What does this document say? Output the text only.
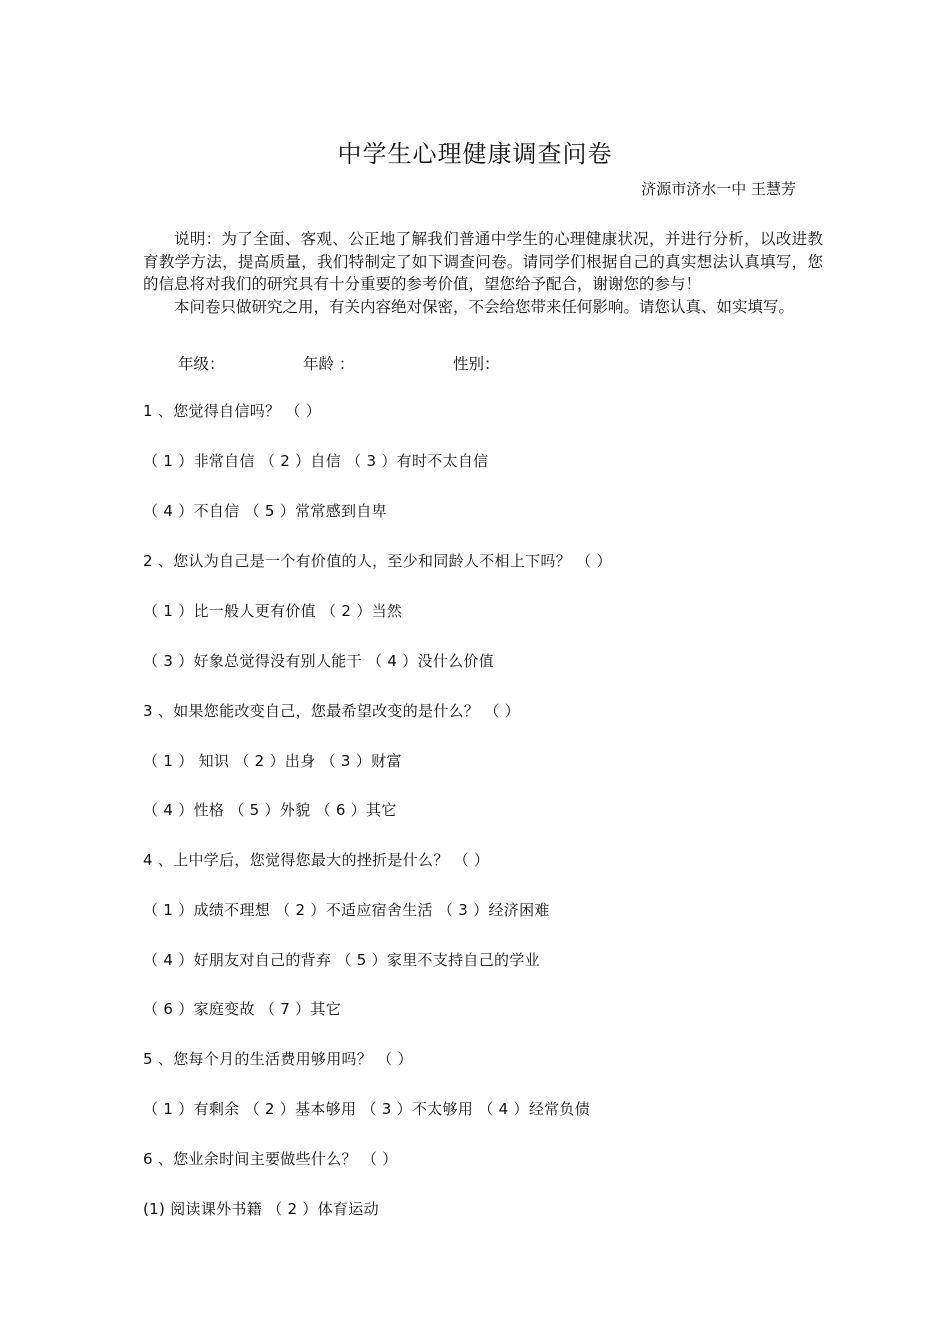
中学生心理健康调查问卷
济源市济水一中 王慧芳

说明：为了全面、客观、公正地了解我们普通中学生的心理健康状况，并进行分析，以改进教育教学方法，提高质量，我们特制定了如下调查问卷。请同学们根据自己的真实想法认真填写，您的信息将对我们的研究具有十分重要的参考价值，望您给予配合，谢谢您的参与！

本问卷只做研究之用，有关内容绝对保密，不会给您带来任何影响。请您认真、如实填写。

年级：	年龄 ：	性别：
1 、您觉得自信吗？ （ ）
（ 1 ）非常自信 （ 2 ）自信 （ 3 ）有时不太自信
（ 4 ）不自信 （ 5 ）常常感到自卑
2 、您认为自己是一个有价值的人，至少和同龄人不相上下吗？ （ ）
（ 1 ）比一般人更有价值 （ 2 ）当然
（ 3 ）好象总觉得没有别人能干 （ 4 ）没什么价值
3 、如果您能改变自己，您最希望改变的是什么？ （ ）
（ 1 ） 知识 （ 2 ）出身 （ 3 ）财富
（ 4 ）性格 （ 5 ）外貌 （ 6 ）其它
4 、上中学后，您觉得您最大的挫折是什么？ （ ）
（ 1 ）成绩不理想 （ 2 ）不适应宿舍生活 （ 3 ）经济困难
（ 4 ）好朋友对自己的背弃 （ 5 ）家里不支持自己的学业
（ 6 ）家庭变故 （ 7 ）其它
5 、您每个月的生活费用够用吗？ （ ）
（ 1 ）有剩余 （ 2 ）基本够用 （ 3 ）不太够用 （ 4 ）经常负债
6 、您业余时间主要做些什么？ （ ）
(1) 阅读课外书籍 （ 2 ）体育运动
